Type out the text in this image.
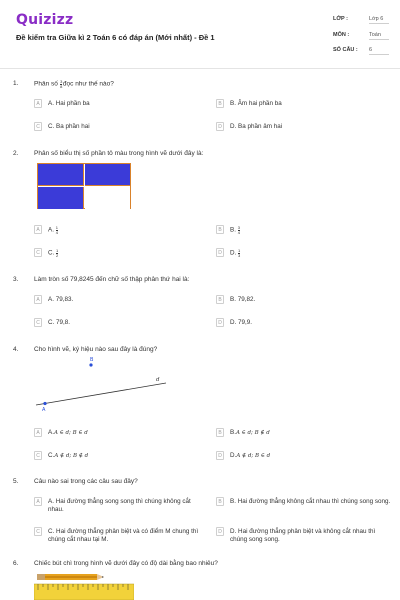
Quizizz
Đề kiểm tra Giữa kì 2 Toán 6 có đáp án (Mới nhất) - Đề 1
LỚP :	Lớp 6
MÔN :	Toán
SỐ CÂU : 6
1. Phân số $\frac{3}{8}$ đọc như thế nào?
A	A. Hai phần ba	B	B. Âm hai phần ba
C	C. Ba phần hai	D	D. Ba phần âm hai
2. Phân số biểu thị số phần tô màu trong hình vẽ dưới đây là:
A	A. $\frac{1}{4}$	B	B. $\frac{3}{4}$
C	C. $\frac{1}{2}$	D	D. $\frac{1}{3}$
3. Làm tròn số 79,8245 đến chữ số thập phân thứ hai là:
A	A. 79,83.	B	B. 79,82.
C	C. 79,8.	D	D. 79,9.
4. Cho hình vẽ, ký hiệu nào sau đây là đúng?
B
A
d
A	A.A ∈ d; B ∈ d	B	B.A ∈ d; B ∉ d
C	C.A ∉ d; B ∉ d	D	D.A ∉ d; B ∈ d
5. Câu nào sai trong các câu sau đây?
A	A. Hai đường thẳng song song thì chúng không cắt nhau.
B	B. Hai đường thẳng không cắt nhau thì chúng song song.
C	C. Hai đường thẳng phân biệt và có điểm M chung thì chúng cắt nhau tại M.
D	D. Hai đường thẳng phân biệt và không cắt nhau thì chúng song song.
6. Chiếc bút chì trong hình vẽ dưới đây có độ dài bằng bao nhiêu?
